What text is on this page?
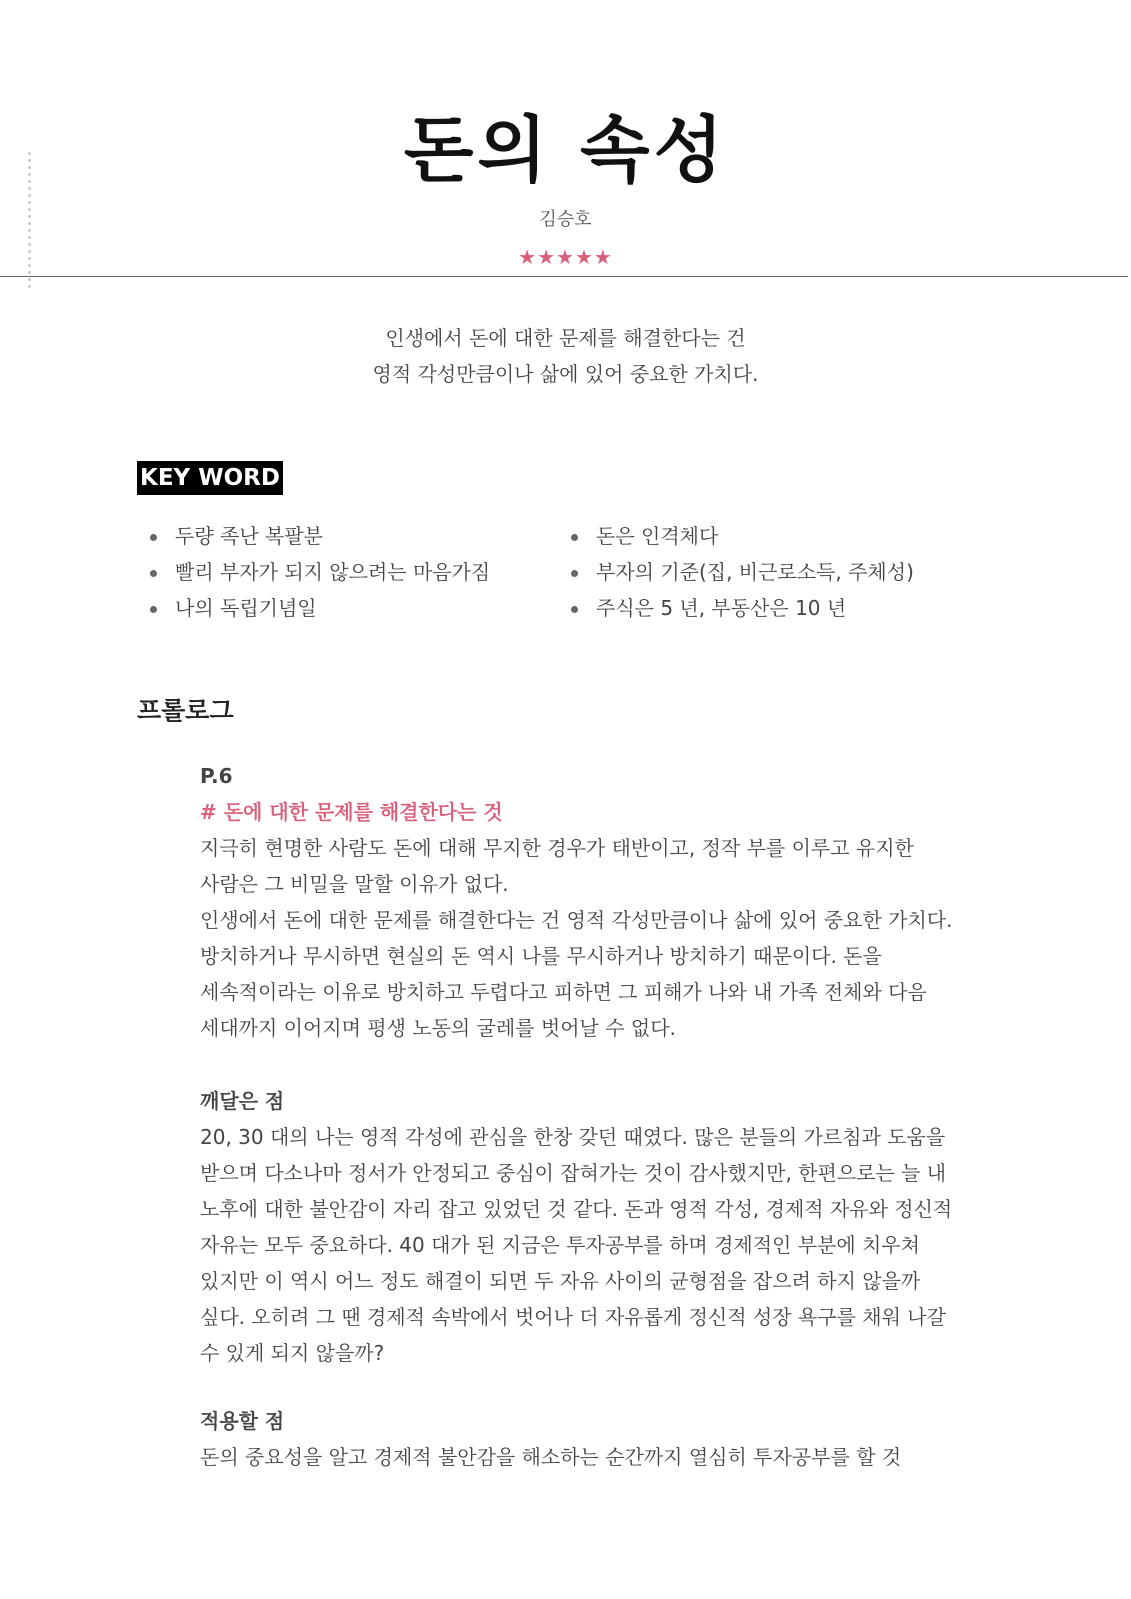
돈의 속성
김승호
★★★★★
인생에서 돈에 대한 문제를 해결한다는 건
영적 각성만큼이나 삶에 있어 중요한 가치다.
KEY WORD
두량 족난 복팔분
빨리 부자가 되지 않으려는 마음가짐
나의 독립기념일
돈은 인격체다
부자의 기준(집, 비근로소득, 주체성)
주식은 5 년, 부동산은 10 년
프롤로그
P.6
# 돈에 대한 문제를 해결한다는 것
지극히 현명한 사람도 돈에 대해 무지한 경우가 태반이고, 정작 부를 이루고 유지한
사람은 그 비밀을 말할 이유가 없다.
인생에서 돈에 대한 문제를 해결한다는 건 영적 각성만큼이나 삶에 있어 중요한 가치다.
방치하거나 무시하면 현실의 돈 역시 나를 무시하거나 방치하기 때문이다. 돈을
세속적이라는 이유로 방치하고 두렵다고 피하면 그 피해가 나와 내 가족 전체와 다음
세대까지 이어지며 평생 노동의 굴레를 벗어날 수 없다.
깨달은 점
20, 30 대의 나는 영적 각성에 관심을 한창 갖던 때였다. 많은 분들의 가르침과 도움을
받으며 다소나마 정서가 안정되고 중심이 잡혀가는 것이 감사했지만, 한편으로는 늘 내
노후에 대한 불안감이 자리 잡고 있었던 것 같다. 돈과 영적 각성, 경제적 자유와 정신적
자유는 모두 중요하다. 40 대가 된 지금은 투자공부를 하며 경제적인 부분에 치우쳐
있지만 이 역시 어느 정도 해결이 되면 두 자유 사이의 균형점을 잡으려 하지 않을까
싶다. 오히려 그 땐 경제적 속박에서 벗어나 더 자유롭게 정신적 성장 욕구를 채워 나갈
수 있게 되지 않을까?
적용할 점
돈의 중요성을 알고 경제적 불안감을 해소하는 순간까지 열심히 투자공부를 할 것
